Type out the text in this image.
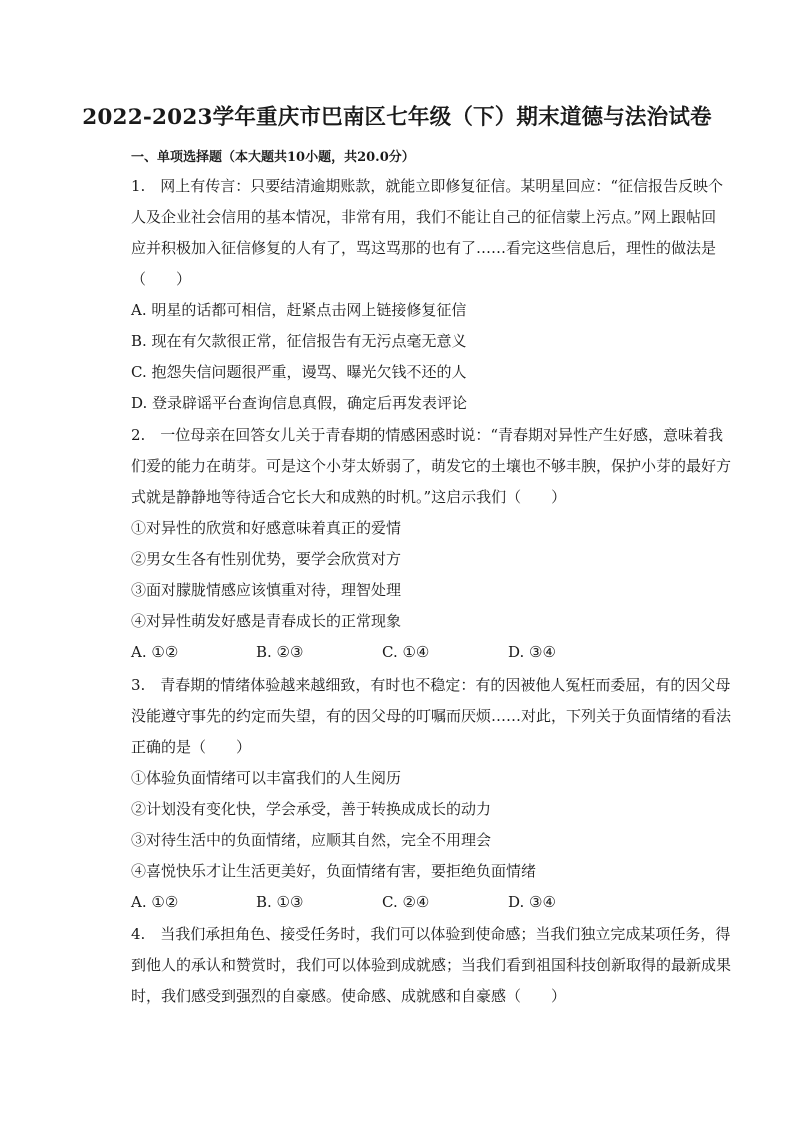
2022-2023学年重庆市巴南区七年级（下）期末道德与法治试卷
一、单项选择题（本大题共10小题，共20.0分）
1.　网上有传言：只要结清逾期账款，就能立即修复征信。某明星回应：“征信报告反映个
人及企业社会信用的基本情况，非常有用，我们不能让自己的征信蒙上污点。”网上跟帖回
应并积极加入征信修复的人有了，骂这骂那的也有了……看完这些信息后，理性的做法是
（　　）
A. 明星的话都可相信，赶紧点击网上链接修复征信
B. 现在有欠款很正常，征信报告有无污点毫无意义
C. 抱怨失信问题很严重，谩骂、曝光欠钱不还的人
D. 登录辟谣平台查询信息真假，确定后再发表评论
2.　一位母亲在回答女儿关于青春期的情感困惑时说：“青春期对异性产生好感，意味着我
们爱的能力在萌芽。可是这个小芽太娇弱了，萌发它的土壤也不够丰腴，保护小芽的最好方
式就是静静地等待适合它长大和成熟的时机。”这启示我们（　　）
①对异性的欣赏和好感意味着真正的爱情
②男女生各有性别优势，要学会欣赏对方
③面对朦胧情感应该慎重对待，理智处理
④对异性萌发好感是青春成长的正常现象
A. ①②	B. ②③	C. ①④	D. ③④
3.　青春期的情绪体验越来越细致，有时也不稳定：有的因被他人冤枉而委屈，有的因父母
没能遵守事先的约定而失望，有的因父母的叮嘱而厌烦……对此，下列关于负面情绪的看法
正确的是（　　）
①体验负面情绪可以丰富我们的人生阅历
②计划没有变化快，学会承受，善于转换成成长的动力
③对待生活中的负面情绪，应顺其自然，完全不用理会
④喜悦快乐才让生活更美好，负面情绪有害，要拒绝负面情绪
A. ①②	B. ①③	C. ②④	D. ③④
4.　当我们承担角色、接受任务时，我们可以体验到使命感；当我们独立完成某项任务，得
到他人的承认和赞赏时，我们可以体验到成就感；当我们看到祖国科技创新取得的最新成果
时，我们感受到强烈的自豪感。使命感、成就感和自豪感（　　）
